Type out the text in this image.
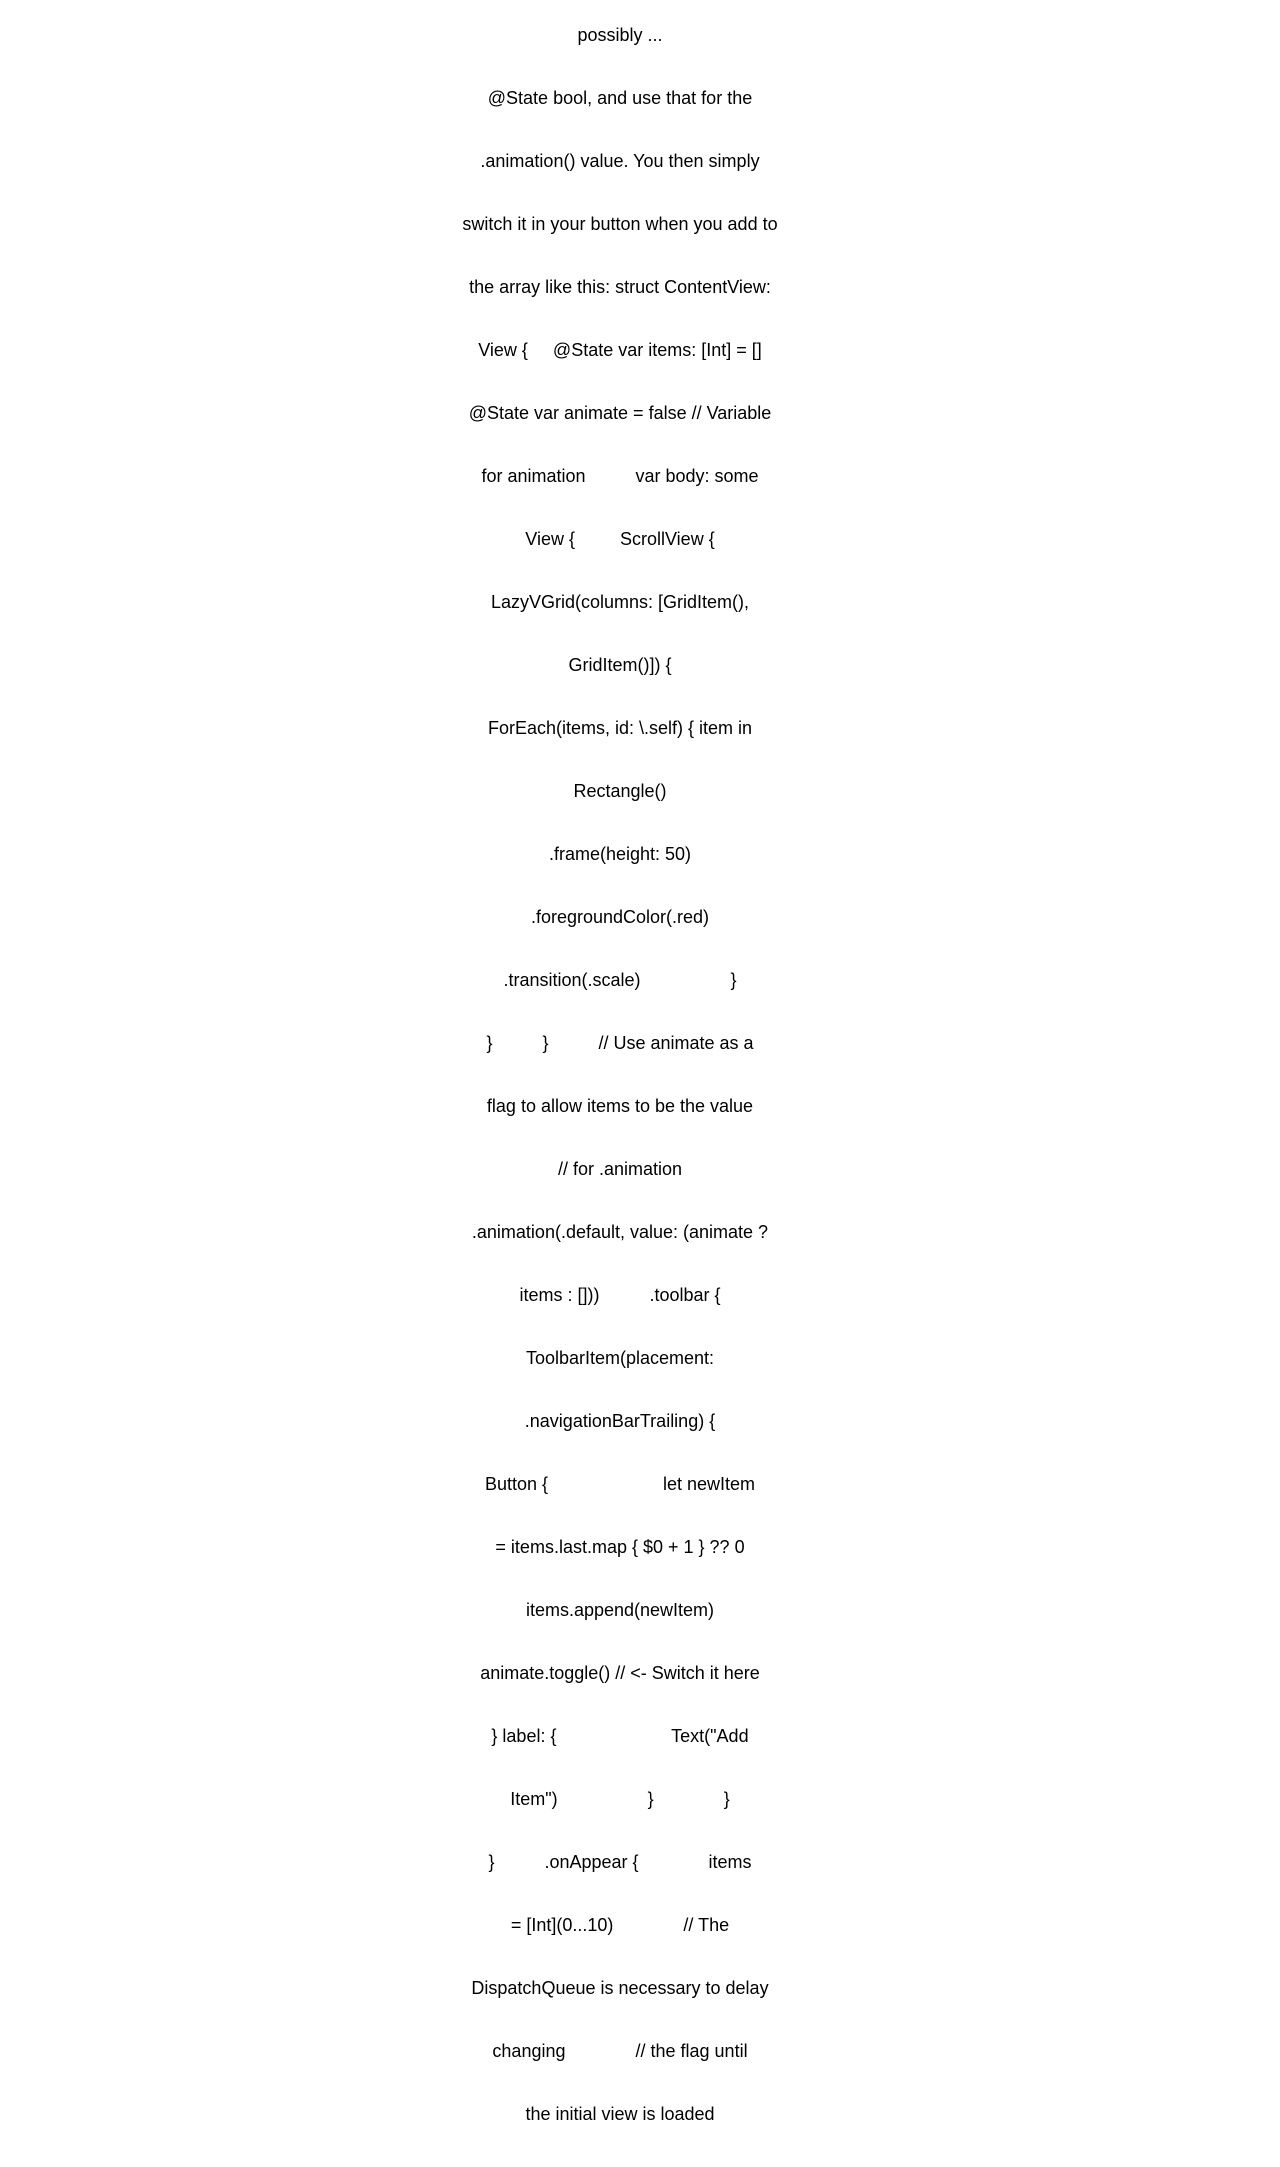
possibly ...

@State bool, and use that for the

.animation() value. You then simply

switch it in your button when you add to

the array like this: struct ContentView:

View {     @State var items: [Int] = []

@State var animate = false // Variable

for animation          var body: some

View {         ScrollView {

LazyVGrid(columns: [GridItem(),

GridItem()]) {

ForEach(items, id: \.self) { item in

Rectangle()

.frame(height: 50)

.foregroundColor(.red)

.transition(.scale)                  }

}          }          // Use animate as a

flag to allow items to be the value

// for .animation

.animation(.default, value: (animate ?

items : []))          .toolbar {

ToolbarItem(placement:

.navigationBarTrailing) {

Button {                       let newItem

= items.last.map { $0 + 1 } ?? 0

items.append(newItem)

animate.toggle() // <- Switch it here

} label: {                       Text("Add

Item")                  }              }

}          .onAppear {              items

= [Int](0...10)              // The

DispatchQueue is necessary to delay

changing              // the flag until

the initial view is loaded
